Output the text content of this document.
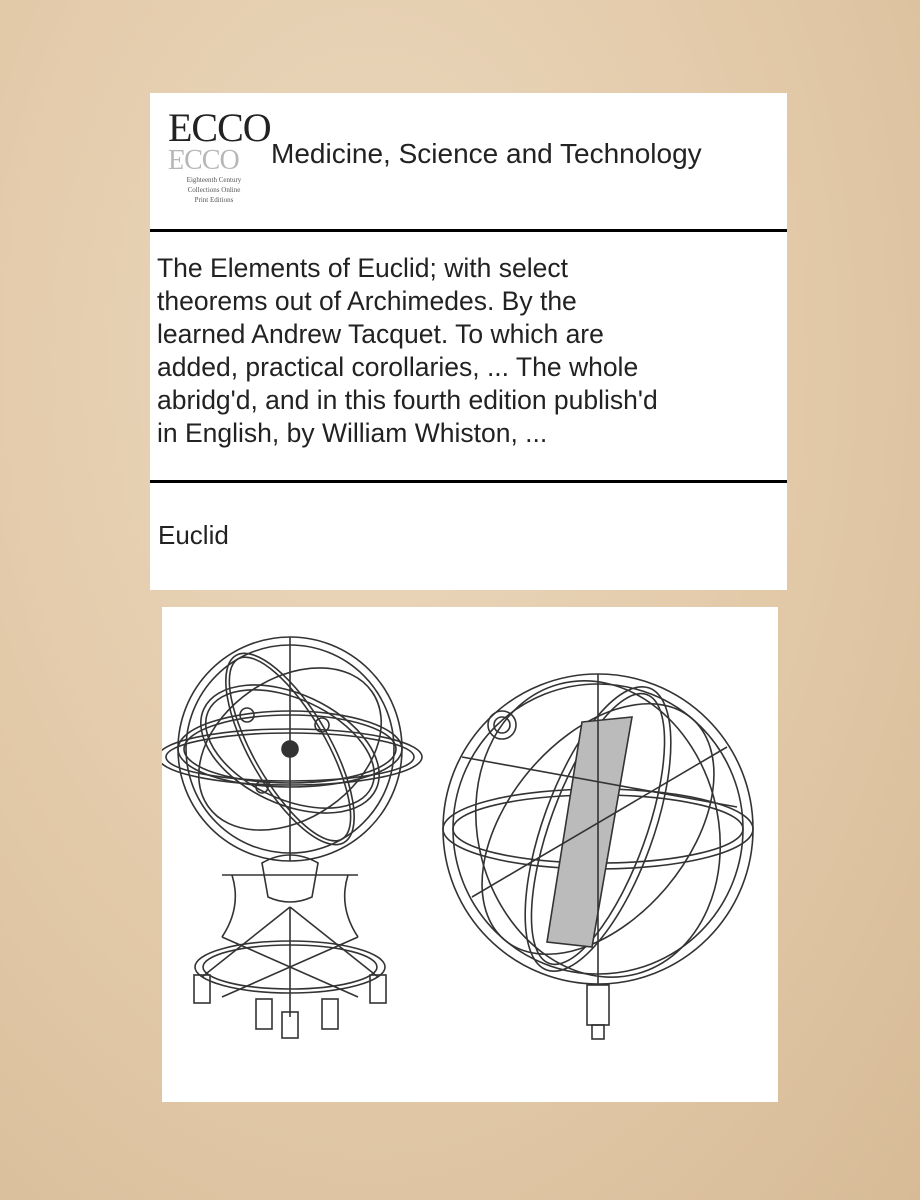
ECCO
ECCO
Eighteenth Century
Collections Online
Print Editions
Medicine, Science and Technology
The Elements of Euclid; with select
theorems out of Archimedes. By the
learned Andrew Tacquet. To which are
added, practical corollaries, ... The whole
abridg'd, and in this fourth edition publish'd
in English, by William Whiston, ...
Euclid
